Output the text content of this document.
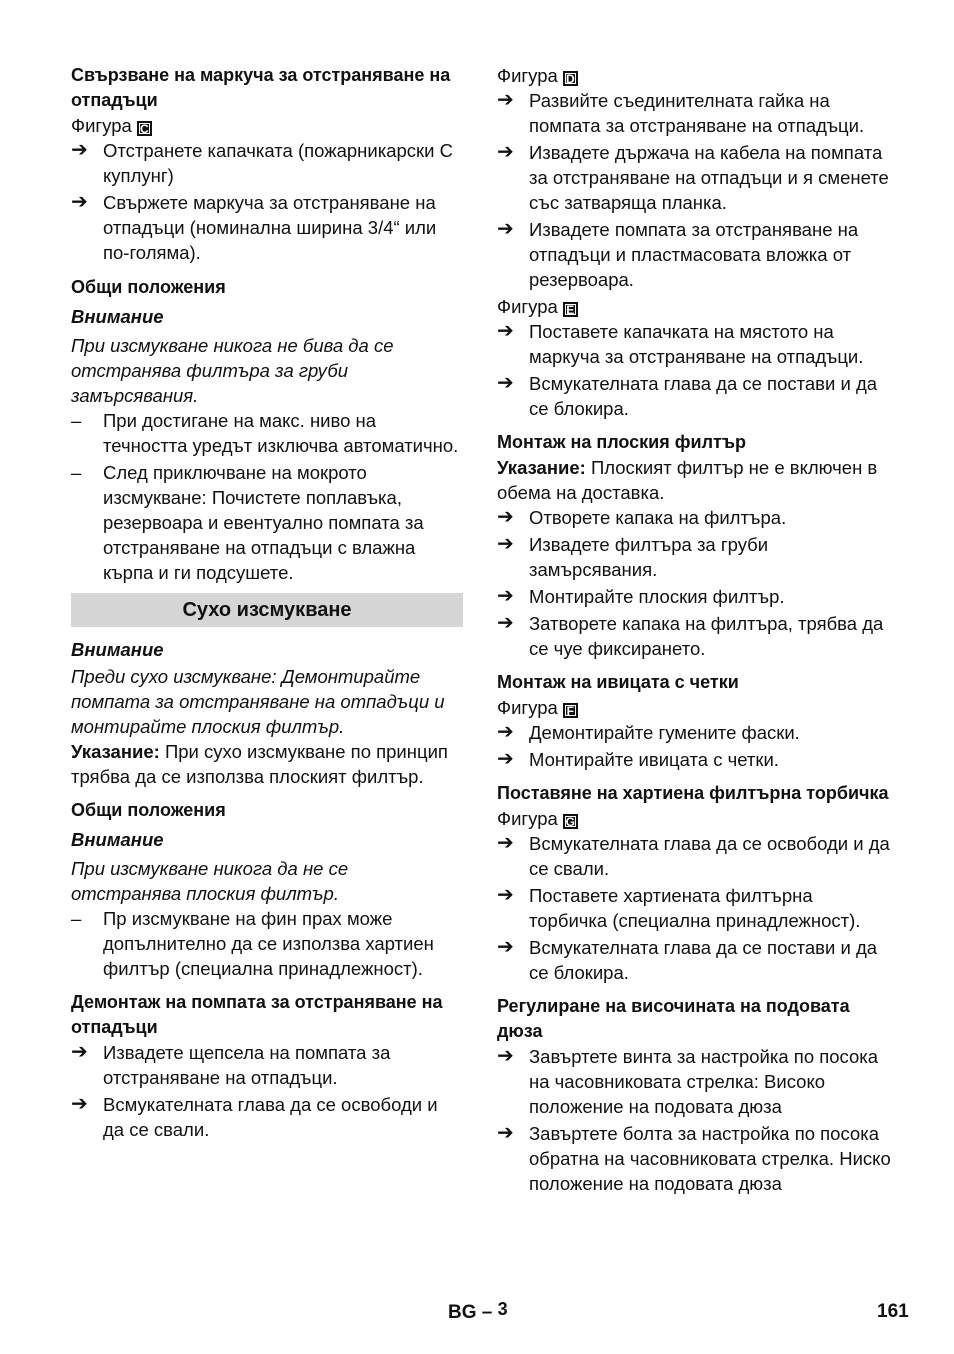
Свързване на маркуча за отстраняване на отпадъци

Фигура C

➔ Отстранете капачката (пожарникарски C куплунг)
➔ Свържете маркуча за отстраняване на отпадъци (номинална ширина 3/4“ или по-голяма).

Общи положения

Внимание

При изсмукване никога не бива да се отстранява филтъра за груби замърсявания.

–	При достигане на макс. ниво на течността уредът изключва автоматично.
–	След приключване на мокрото изсмукване: Почистете поплавъка, резервоара и евентуално помпата за отстраняване на отпадъци с влажна кърпа и ги подсушете.
Сухо изсмукване

Внимание

Преди сухо изсмукване: Демонтирайте помпата за отстраняване на отпадъци и монтирайте плоския филтър.

Указание: При сухо изсмукване по принцип трябва да се използва плоският филтър.

Общи положения

Внимание

При изсмукване никога да не се отстранява плоския филтър.

–	Пр изсмукване на фин прах може допълнително да се използва хартиен филтър (специална принадлежност).

Демонтаж на помпата за отстраняване на отпадъци

➔ Извадете щепсела на помпата за отстраняване на отпадъци.
➔ Всмукателната глава да се освободи и да се свали.

Фигура D

➔ Развийте съединителната гайка на помпата за отстраняване на отпадъци.
➔ Извадете държача на кабела на помпата за отстраняване на отпадъци и я сменете със затваряща планка.
➔ Извадете помпата за отстраняване на отпадъци и пластмасовата вложка от резервоара.

Фигура E

➔ Поставете капачката на мястото на маркуча за отстраняване на отпадъци.
➔ Всмукателната глава да се постави и да се блокира.

Монтаж на плоския филтър

Указание: Плоският филтър не е включен в обема на доставка.

➔ Отворете капака на филтъра.
➔ Извадете филтъра за груби замърсявания.
➔ Монтирайте плоския филтър.
➔ Затворете капака на филтъра, трябва да се чуе фиксирането.

Монтаж на ивицата с четки

Фигура F

➔ Демонтирайте гумените фаски.
➔ Монтирайте ивицата с четки.

Поставяне на хартиена филтърна торбичка

Фигура G

➔ Всмукателната глава да се освободи и да се свали.
➔ Поставете хартиената филтърна торбичка (специална принадлежност).
➔ Всмукателната глава да се постави и да се блокира.

Регулиране на височината на подовата дюза

➔ Завъртете винта за настройка по посока на часовниковата стрелка: Високо положение на подовата дюза
➔ Завъртете болта за настройка по посока обратна на часовниковата стрелка. Ниско положение на подовата дюза
BG – 3	161
